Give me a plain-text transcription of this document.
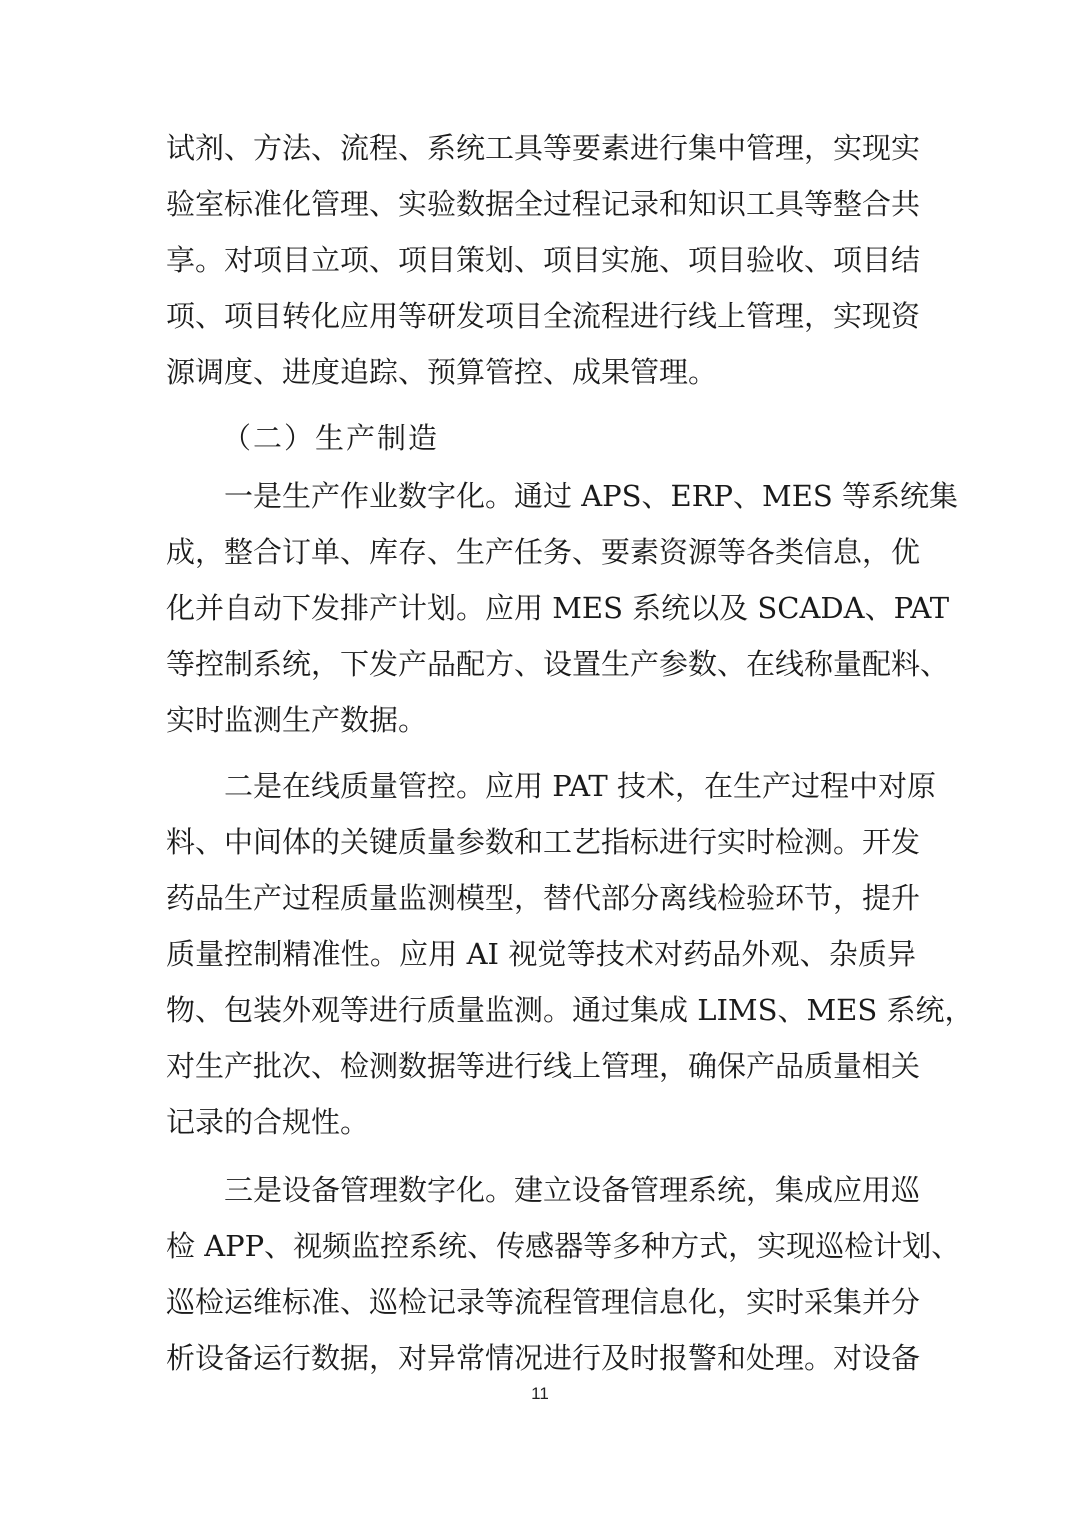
试剂、方法、流程、系统工具等要素进行集中管理，实现实
验室标准化管理、实验数据全过程记录和知识工具等整合共
享。对项目立项、项目策划、项目实施、项目验收、项目结
项、项目转化应用等研发项目全流程进行线上管理，实现资
源调度、进度追踪、预算管控、成果管理。
（二）生产制造
一是生产作业数字化。通过 APS、ERP、MES 等系统集
成，整合订单、库存、生产任务、要素资源等各类信息，优
化并自动下发排产计划。应用 MES 系统以及 SCADA、PAT
等控制系统，下发产品配方、设置生产参数、在线称量配料、
实时监测生产数据。
二是在线质量管控。应用 PAT 技术，在生产过程中对原
料、中间体的关键质量参数和工艺指标进行实时检测。开发
药品生产过程质量监测模型，替代部分离线检验环节，提升
质量控制精准性。应用 AI 视觉等技术对药品外观、杂质异
物、包装外观等进行质量监测。通过集成 LIMS、MES 系统，
对生产批次、检测数据等进行线上管理，确保产品质量相关
记录的合规性。
三是设备管理数字化。建立设备管理系统，集成应用巡
检 APP、视频监控系统、传感器等多种方式，实现巡检计划、
巡检运维标准、巡检记录等流程管理信息化，实时采集并分
析设备运行数据，对异常情况进行及时报警和处理。对设备
11
